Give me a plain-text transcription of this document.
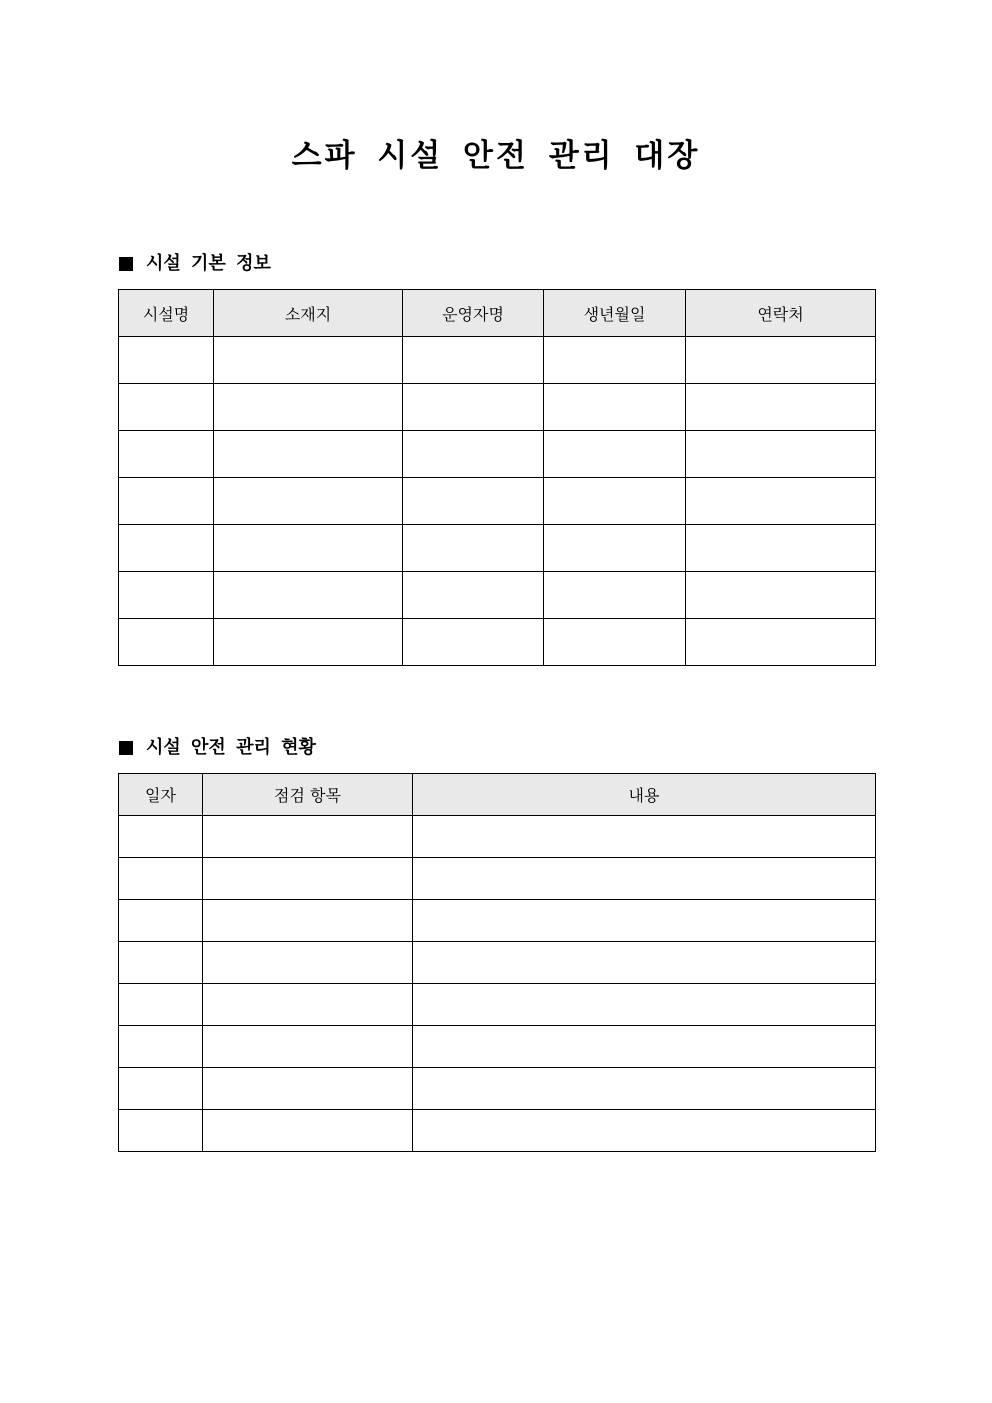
스파 시설 안전 관리 대장
시설 기본 정보
시설명	소재지	운영자명	생년월일	연락처

시설 안전 관리 현황
일자	점검 항목	내용
